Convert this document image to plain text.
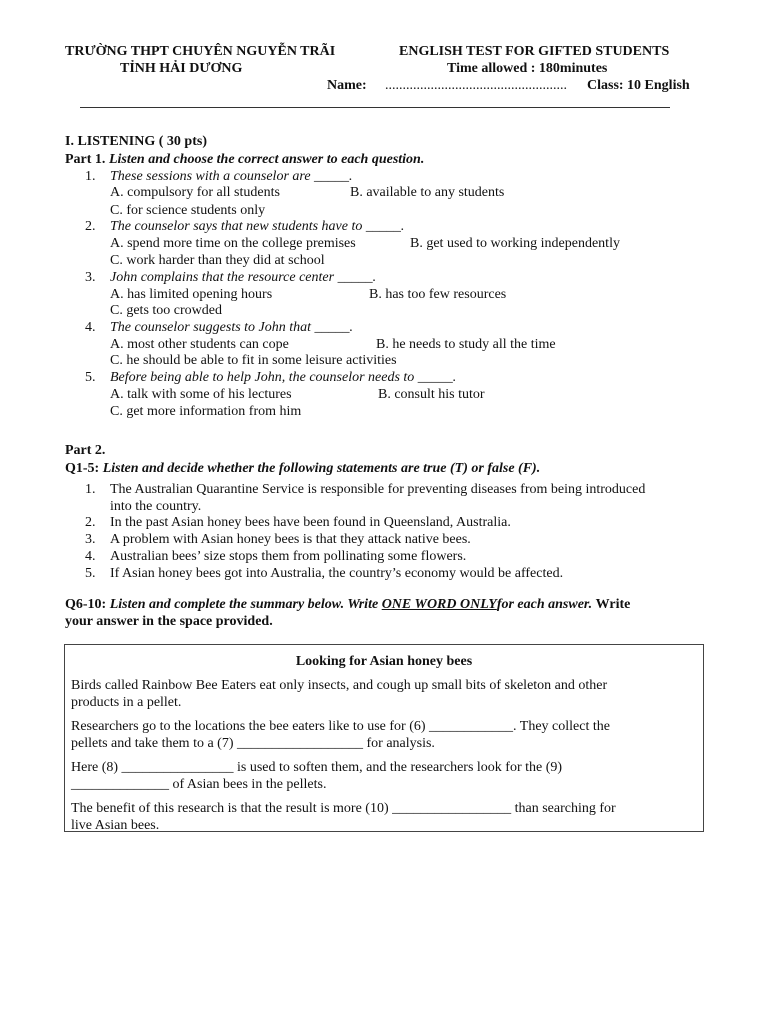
TRƯỜNG THPT CHUYÊN NGUYỄN TRÃI
TỈNH HẢI DƯƠNG
ENGLISH TEST FOR GIFTED STUDENTS
Time allowed : 180minutes
Name: .................................................... Class: 10 English
I. LISTENING ( 30 pts)
Part 1. Listen and choose the correct answer to each question.
1. These sessions with a counselor are _____.
A. compulsory for all students	B. available to any students
C. for science students only
2. The counselor says that new students have to _____.
A. spend more time on the college premises	B. get used to working independently
C. work harder than they did at school
3. John complains that the resource center _____.
A. has limited opening hours	B. has too few resources
C. gets too crowded
4. The counselor suggests to John that _____.
A. most other students can cope	B. he needs to study all the time
C. he should be able to fit in some leisure activities
5. Before being able to help John, the counselor needs to _____.
A. talk with some of his lectures	B. consult his tutor
C. get more information from him
Part 2.
Q1-5: Listen and decide whether the following statements are true (T) or false (F).
1. The Australian Quarantine Service is responsible for preventing diseases from being introduced
into the country.
2. In the past Asian honey bees have been found in Queensland, Australia.
3. A problem with Asian honey bees is that they attack native bees.
4. Australian bees’ size stops them from pollinating some flowers.
5. If Asian honey bees got into Australia, the country’s economy would be affected.
Q6-10: Listen and complete the summary below. Write ONE WORD ONLYfor each answer. Write
your answer in the space provided.
Looking for Asian honey bees
Birds called Rainbow Bee Eaters eat only insects, and cough up small bits of skeleton and other
products in a pellet.
Researchers go to the locations the bee eaters like to use for (6) ____________. They collect the
pellets and take them to a (7) __________________ for analysis.
Here (8) ________________ is used to soften them, and the researchers look for the (9)
______________ of Asian bees in the pellets.
The benefit of this research is that the result is more (10) _________________ than searching for
live Asian bees.
